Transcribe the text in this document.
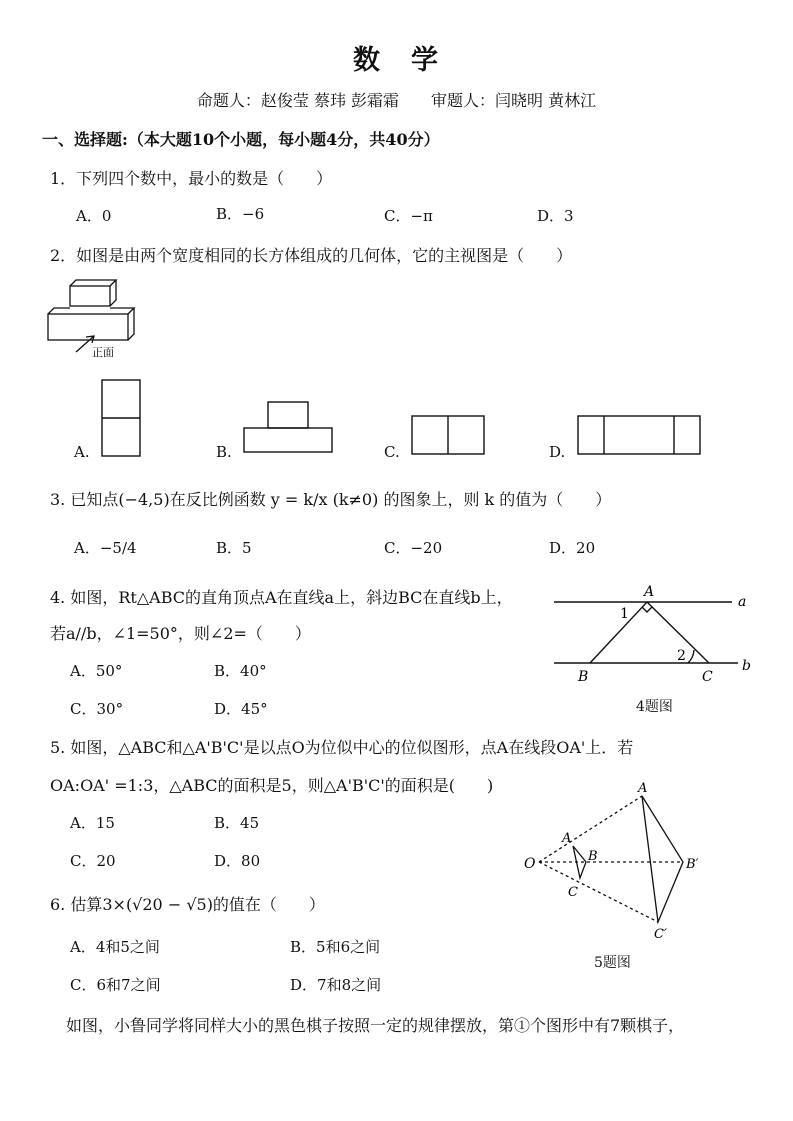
数　学
命题人：赵俊莹 蔡玮 彭霜霜　　审题人：闫晓明 黄林江
一、选择题:（本大题10个小题，每小题4分，共40分）
1．下列四个数中，最小的数是（　　）
A．0	B．−6	C．−π	D．3
2．如图是由两个宽度相同的长方体组成的几何体，它的主视图是（　　）
正面
A.	B.	C.	D.
3. 已知点(−4,5)在反比例函数 y = k/x (k≠0) 的图象上，则 k 的值为（　　）
A．−5/4	B．5	C．−20	D．20
4. 如图，Rt△ABC的直角顶点A在直线a上，斜边BC在直线b上，
若a//b，∠1=50°，则∠2=（　　）
A．50°	B．40°
C．30°	D．45°
A
a
b
B	C
1
2
4题图
5. 如图，△ABC和△A'B'C'是以点O为位似中心的位似图形，点A在线段OA'上．若
OA:OA' =1:3，△ABC的面积是5，则△A'B'C'的面积是(　　)
A．15	B．45
C．20	D．80	O
A
B
C
A
B′
C′
5题图
6. 估算3×(√20 − √5)的值在（　　）
A．4和5之间	B．5和6之间
C．6和7之间	D．7和8之间
如图，小鲁同学将同样大小的黑色棋子按照一定的规律摆放，第①个图形中有7颗棋子，
